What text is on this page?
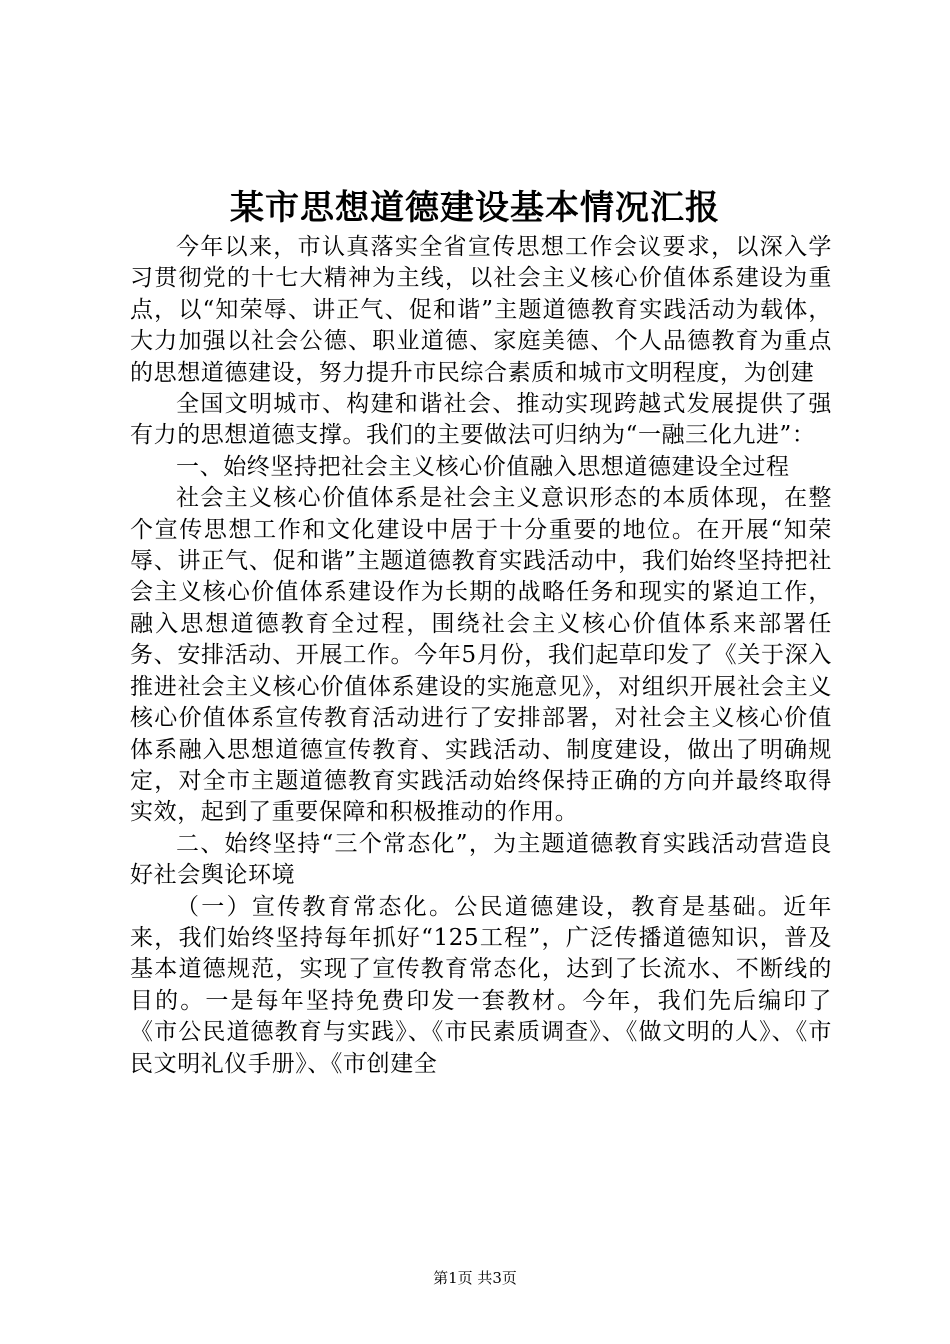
某市思想道德建设基本情况汇报

今年以来，市认真落实全省宣传思想工作会议要求，以深入学习贯彻党的十七大精神为主线，以社会主义核心价值体系建设为重点，以“知荣辱、讲正气、促和谐”主题道德教育实践活动为载体，大力加强以社会公德、职业道德、家庭美德、个人品德教育为重点的思想道德建设，努力提升市民综合素质和城市文明程度，为创建

全国文明城市、构建和谐社会、推动实现跨越式发展提供了强有力的思想道德支撑。我们的主要做法可归纳为“一融三化九进”：

一、始终坚持把社会主义核心价值融入思想道德建设全过程

社会主义核心价值体系是社会主义意识形态的本质体现，在整个宣传思想工作和文化建设中居于十分重要的地位。在开展“知荣辱、讲正气、促和谐”主题道德教育实践活动中，我们始终坚持把社会主义核心价值体系建设作为长期的战略任务和现实的紧迫工作，融入思想道德教育全过程，围绕社会主义核心价值体系来部署任务、安排活动、开展工作。今年5月份，我们起草印发了《关于深入推进社会主义核心价值体系建设的实施意见》，对组织开展社会主义核心价值体系宣传教育活动进行了安排部署，对社会主义核心价值体系融入思想道德宣传教育、实践活动、制度建设，做出了明确规定，对全市主题道德教育实践活动始终保持正确的方向并最终取得实效，起到了重要保障和积极推动的作用。

二、始终坚持“三个常态化”，为主题道德教育实践活动营造良好社会舆论环境

（一）宣传教育常态化。公民道德建设，教育是基础。近年来，我们始终坚持每年抓好“125工程”，广泛传播道德知识，普及基本道德规范，实现了宣传教育常态化，达到了长流水、不断线的目的。一是每年坚持免费印发一套教材。今年，我们先后编印了《市公民道德教育与实践》、《市民素质调查》、《做文明的人》、《市民文明礼仪手册》、《市创建全

第1页 共3页
